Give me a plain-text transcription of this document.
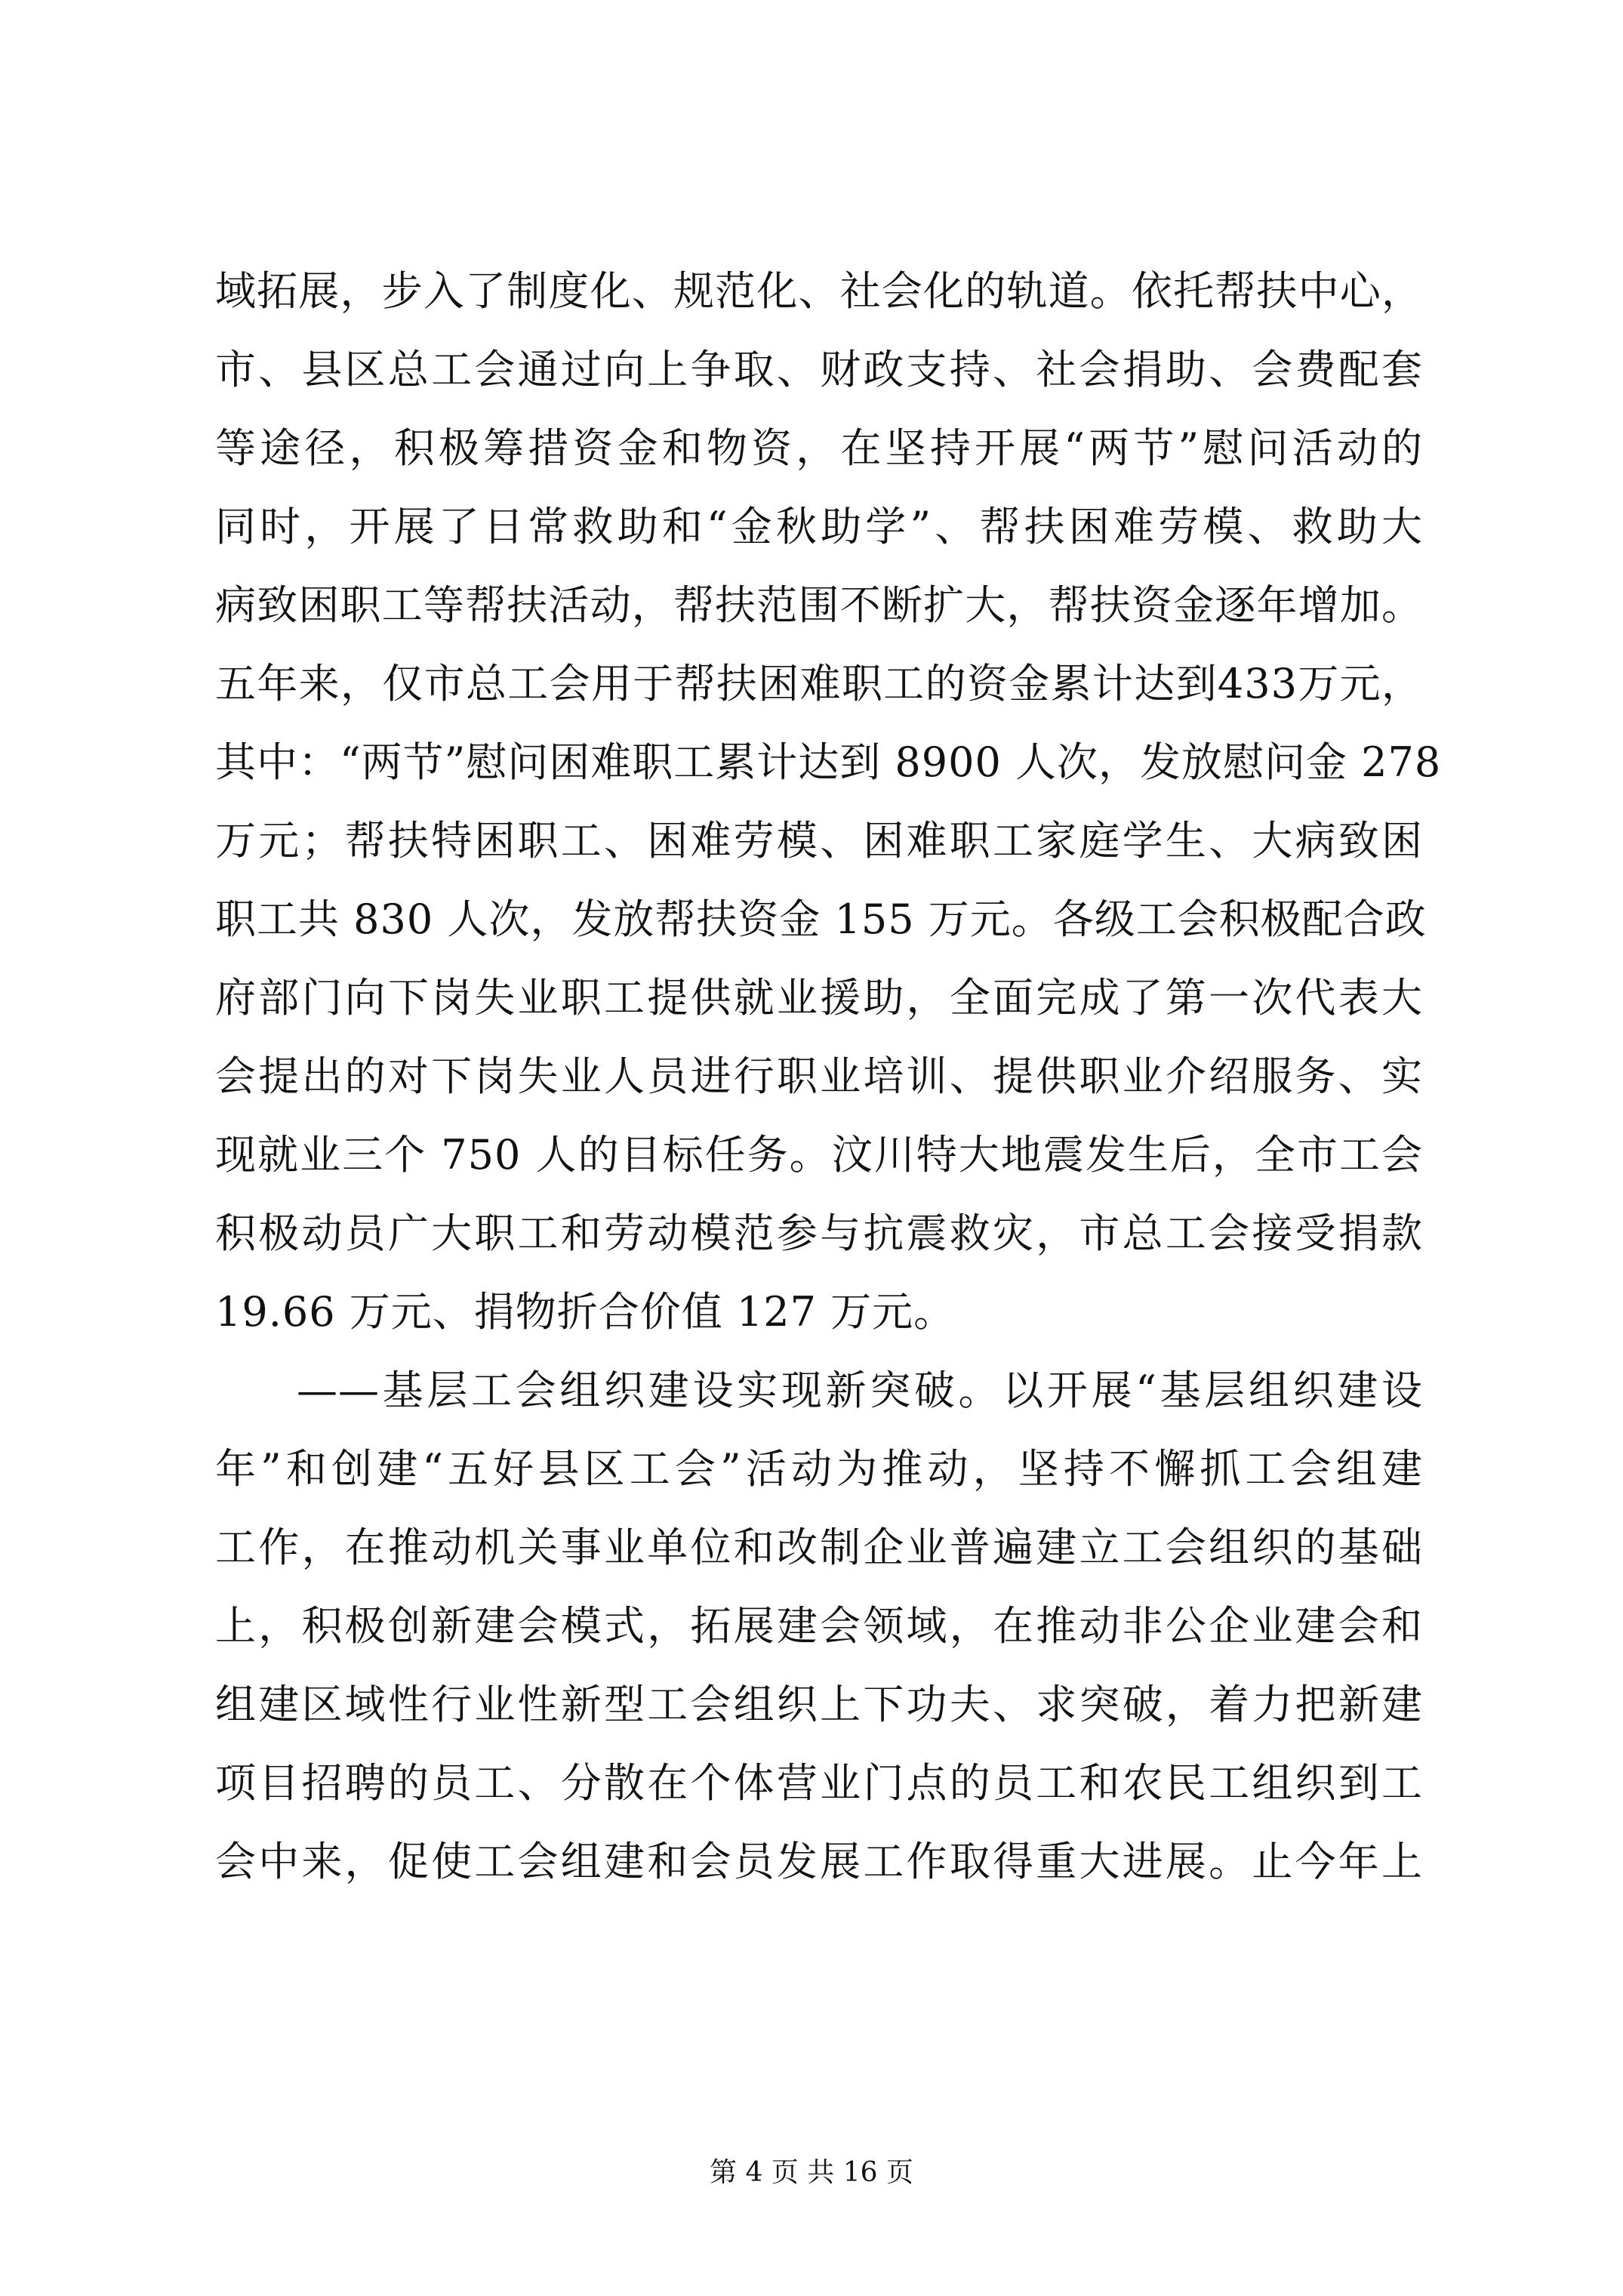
域拓展，步入了制度化、规范化、社会化的轨道。依托帮扶中心，
市、县区总工会通过向上争取、财政支持、社会捐助、会费配套
等途径，积极筹措资金和物资，在坚持开展“两节”慰问活动的
同时，开展了日常救助和“金秋助学”、帮扶困难劳模、救助大
病致困职工等帮扶活动，帮扶范围不断扩大，帮扶资金逐年增加。
五年来，仅市总工会用于帮扶困难职工的资金累计达到433万元，
其中：“两节”慰问困难职工累计达到 8900 人次，发放慰问金 278
万元；帮扶特困职工、困难劳模、困难职工家庭学生、大病致困
职工共 830 人次，发放帮扶资金 155 万元。各级工会积极配合政
府部门向下岗失业职工提供就业援助，全面完成了第一次代表大
会提出的对下岗失业人员进行职业培训、提供职业介绍服务、实
现就业三个 750 人的目标任务。汶川特大地震发生后，全市工会
积极动员广大职工和劳动模范参与抗震救灾，市总工会接受捐款
19.66 万元、捐物折合价值 127 万元。
——基层工会组织建设实现新突破。以开展“基层组织建设
年”和创建“五好县区工会”活动为推动，坚持不懈抓工会组建
工作，在推动机关事业单位和改制企业普遍建立工会组织的基础
上，积极创新建会模式，拓展建会领域，在推动非公企业建会和
组建区域性行业性新型工会组织上下功夫、求突破，着力把新建
项目招聘的员工、分散在个体营业门点的员工和农民工组织到工
会中来，促使工会组建和会员发展工作取得重大进展。止今年上
第 4 页 共 16 页
